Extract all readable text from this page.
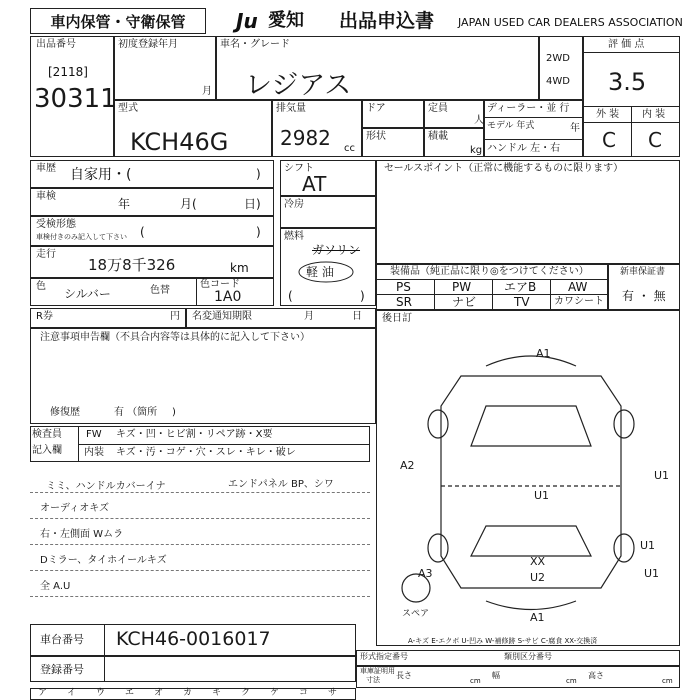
車内保管・守衛保管	Ju 愛知 出品申込書 JAPAN USED CAR DEALERS ASSOCIATION
出品番号
[2118]
30311
初度登録年月
月
車名・グレード
レジアス
2WD
4WD
評 価 点
3.5
外 装 内 装
C C
型式
KCH46G
排気量
2982 cc
ドア
形状
定員
人
積載
kg
ディーラー・並 行
モデル 年式	年
ハンドル 左・右
車歴 自家用・(	)
車検
年	月(	日)
受検形態
車検付きのみ記入して下さい (	)
走行
18万8千326	km
色
シルバー	色替
色コード
1A0
シフト
AT
冷房
燃料
ガソリン
軽 油
(	)
セールスポイント（正常に機能するものに限ります）
装備品（純正品に限り◎をつけてください）
PS	PW	エアB	AW
SR	ナビ	TV カワシート
新車保証書
有 ・ 無
R券	円 名変通知期限	月	日
注意事項申告欄（不具合内容等は具体的に記入して下さい）
修復歴	有 （箇所 )
後日訂
検査員
記入欄
FW キズ・凹・ヒビ割・リペア跡・X要
内装 キズ・汚・コゲ・穴・スレ・キレ・破レ
ミミ、ハンドルカバーイナ	エンドパネル BP、シワ
オーディオキズ
右・左側面 Wムラ
Dミラー、タイホイールキズ
全 A.U
A1
A2
U1
U1
U1
XX
U2
A3	U1
A1
スペア
A-キズ E-エクボ U-凹み W-補修跡 S-サビ C-腐食 XX-交換済
車台番号 KCH46-0016017
登録番号
形式指定番号	類別区分番号
車庫証明用
寸法 長さ
cm
幅
cm
高さ
cm
ア イ ウ エ オ カ キ ク ケ コ サ
